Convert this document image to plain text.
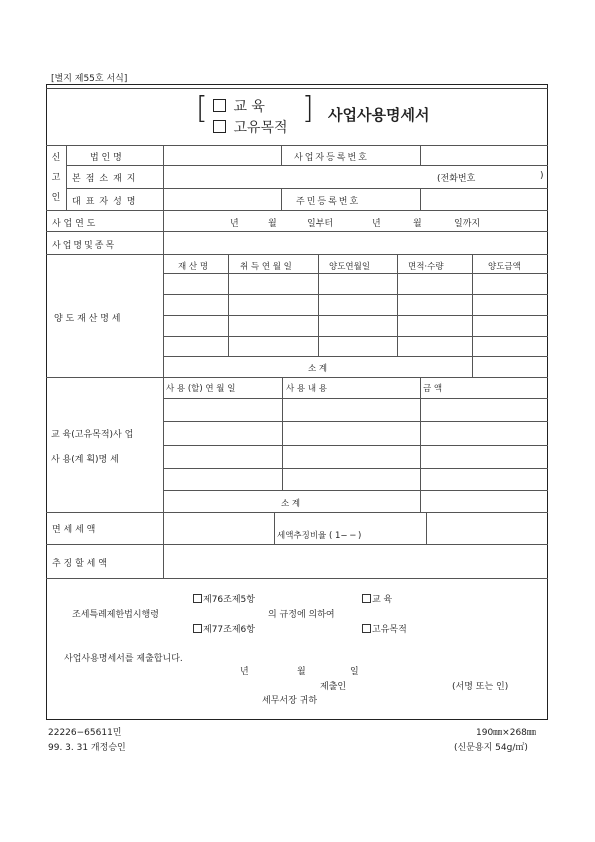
[별지 제55호 서식]
[	]
교 육
고유목적
사업사용명세서
신고인
법 인 명	사업자등록번호
본점소재지	(전화번호	)
대표자성명	주민등록번호
사 업 연 도	년	월	일부터	년	월	일까지
사업명및종목
양 도 재 산 명 세
재 산 명	취 득 연 월 일	양도연월일	면적·수량	양도금액
소 계
교 육(고유목적)사 업
사 용(계 획)명 세
사 용 (할) 연 월 일	사 용 내 용	금 액
소 계
면 세 세 액
세액추징비율 ( 1− ─ )
추 징 할 세 액
제76조제5항
제77조제6항
조세특례제한법시행령	의 규정에 의하여
교 육
고유목적
사업사용명세서를 제출합니다.
년	월	일
제출인	(서명 또는 인)
세무서장 귀하
22226−65611민
99. 3. 31 개정승인
190㎜×268㎜
(신문용지 54g/㎡)
